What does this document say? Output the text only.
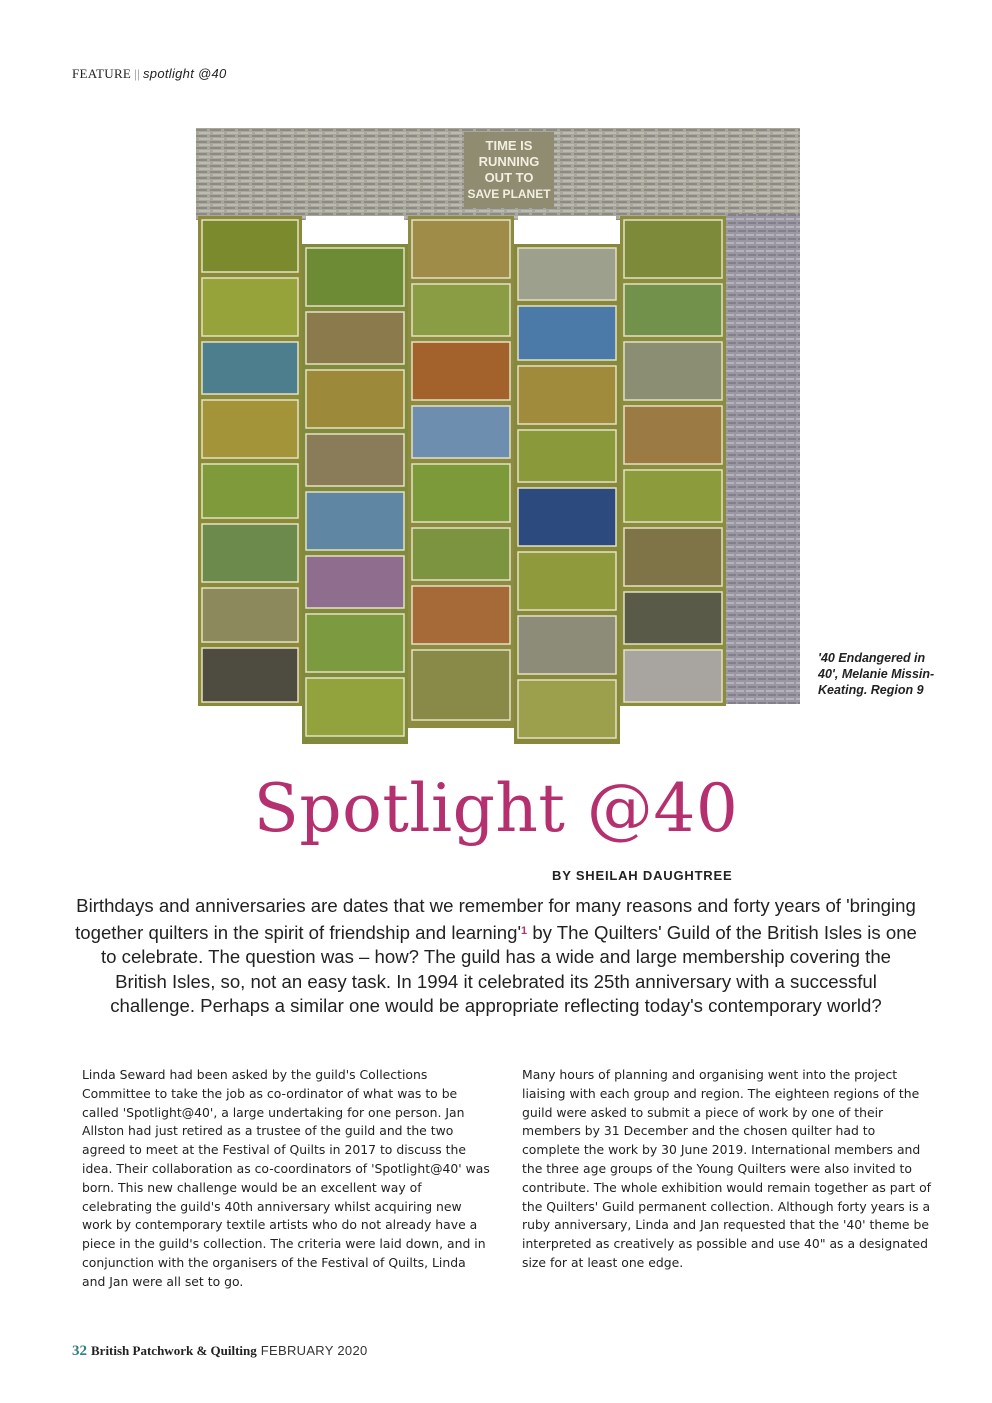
FEATURE || spotlight @40
TIME IS
RUNNING
OUT TO
SAVE PLANET
'40 Endangered in 40', Melanie Missin-Keating. Region 9
Spotlight @40
BY SHEILAH DAUGHTREE
Birthdays and anniversaries are dates that we remember for many reasons and forty years of 'bringing together quilters in the spirit of friendship and learning'$^1$ by The Quilters' Guild of the British Isles is one to celebrate. The question was – how? The guild has a wide and large membership covering the British Isles, so, not an easy task. In 1994 it celebrated its 25th anniversary with a successful challenge. Perhaps a similar one would be appropriate reflecting today's contemporary world?
Linda Seward had been asked by the guild's Collections Committee to take the job as co-ordinator of what was to be called 'Spotlight@40', a large undertaking for one person. Jan Allston had just retired as a trustee of the guild and the two agreed to meet at the Festival of Quilts in 2017 to discuss the idea. Their collaboration as co-coordinators of 'Spotlight@40' was born. This new challenge would be an excellent way of celebrating the guild's 40th anniversary whilst acquiring new work by contemporary textile artists who do not already have a piece in the guild's collection. The criteria were laid down, and in conjunction with the organisers of the Festival of Quilts, Linda and Jan were all set to go.
Many hours of planning and organising went into the project liaising with each group and region. The eighteen regions of the guild were asked to submit a piece of work by one of their members by 31 December and the chosen quilter had to complete the work by 30 June 2019. International members and the three age groups of the Young Quilters were also invited to contribute. The whole exhibition would remain together as part of the Quilters' Guild permanent collection. Although forty years is a ruby anniversary, Linda and Jan requested that the '40' theme be interpreted as creatively as possible and use 40" as a designated size for at least one edge.
32 British Patchwork & Quilting FEBRUARY 2020
